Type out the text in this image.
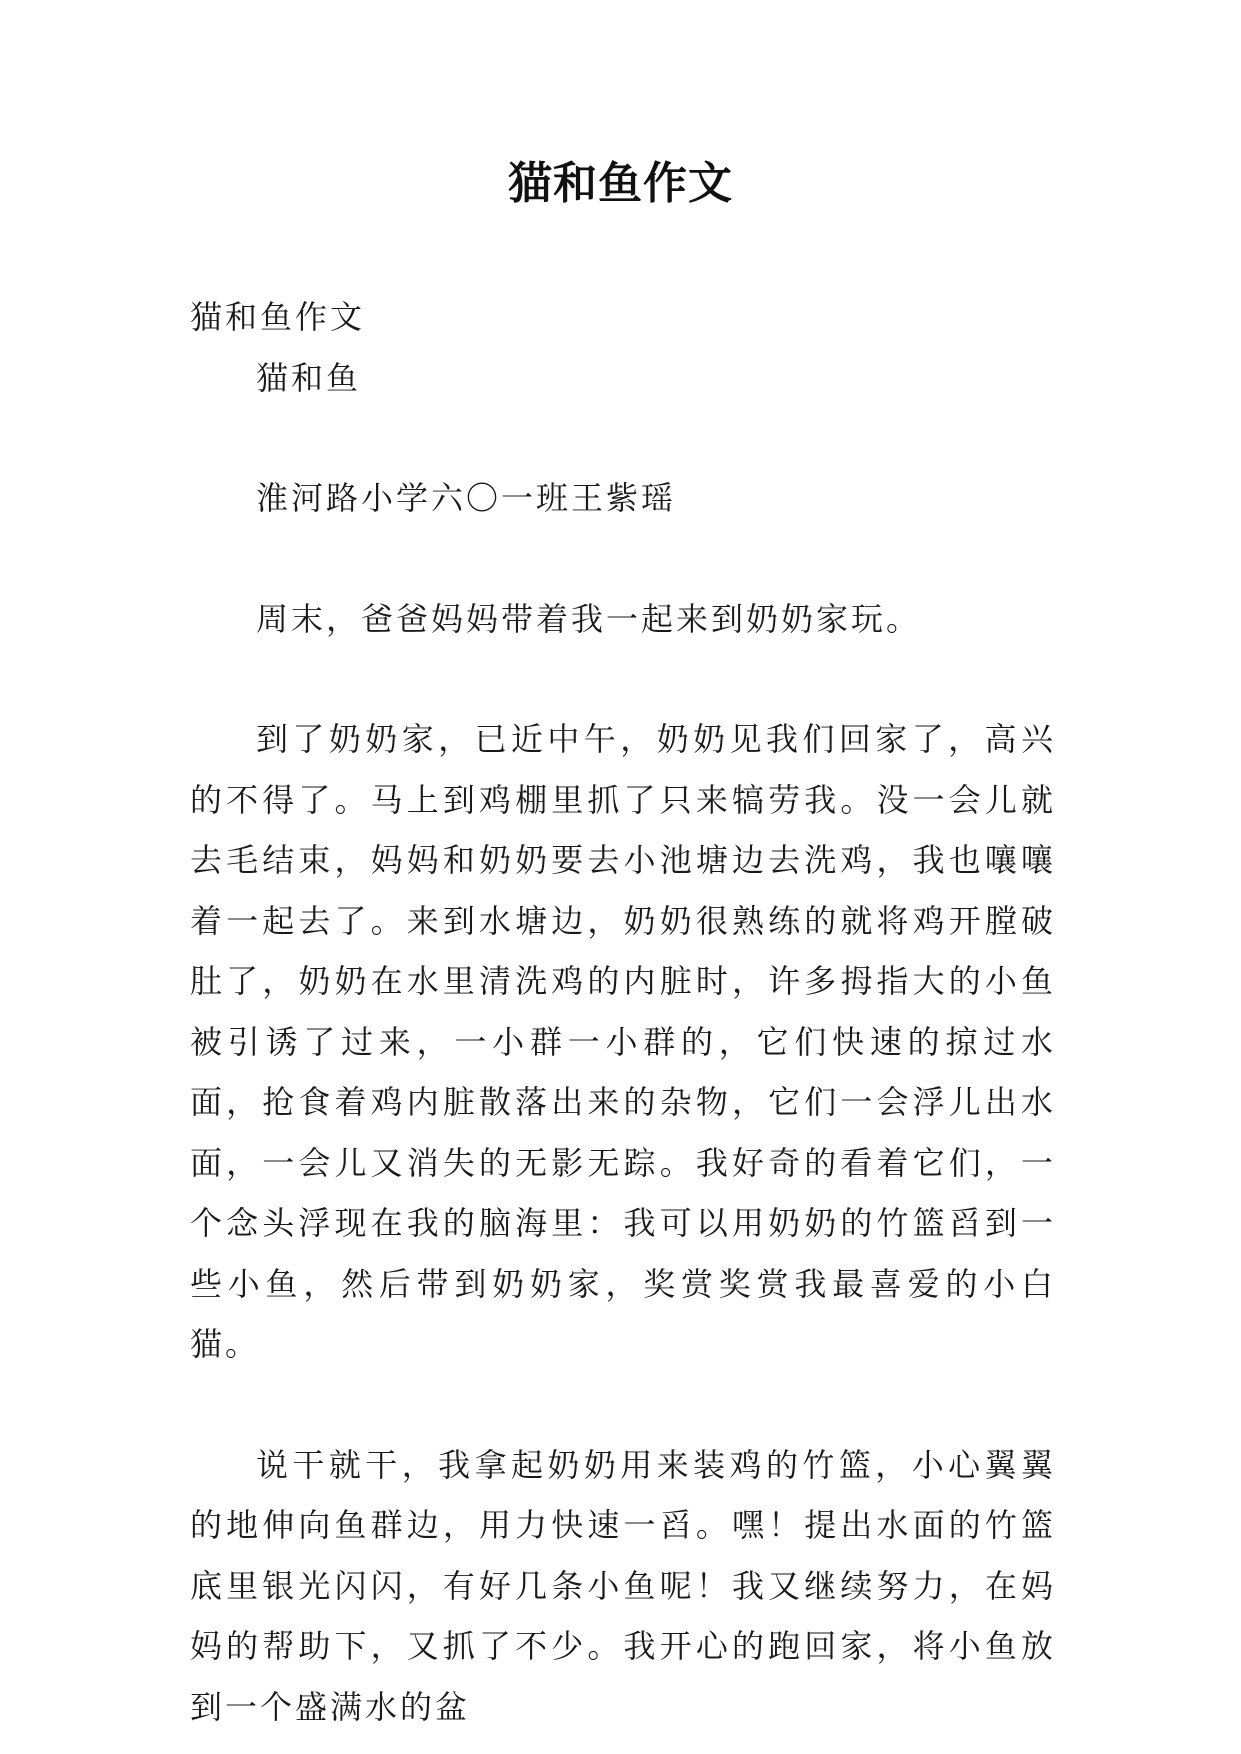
猫和鱼作文

猫和鱼作文

猫和鱼

淮河路小学六〇一班王紫瑶

周末，爸爸妈妈带着我一起来到奶奶家玩。

到了奶奶家，已近中午，奶奶见我们回家了，高兴的不得了。马上到鸡棚里抓了只来犒劳我。没一会儿就去毛结束，妈妈和奶奶要去小池塘边去洗鸡，我也嚷嚷着一起去了。来到水塘边，奶奶很熟练的就将鸡开膛破肚了，奶奶在水里清洗鸡的内脏时，许多拇指大的小鱼被引诱了过来，一小群一小群的，它们快速的掠过水面，抢食着鸡内脏散落出来的杂物，它们一会浮儿出水面，一会儿又消失的无影无踪。我好奇的看着它们，一个念头浮现在我的脑海里：我可以用奶奶的竹篮舀到一些小鱼，然后带到奶奶家，奖赏奖赏我最喜爱的小白猫。

说干就干，我拿起奶奶用来装鸡的竹篮，小心翼翼的地伸向鱼群边，用力快速一舀。嘿！提出水面的竹篮底里银光闪闪，有好几条小鱼呢！我又继续努力，在妈妈的帮助下，又抓了不少。我开心的跑回家，将小鱼放到一个盛满水的盆
